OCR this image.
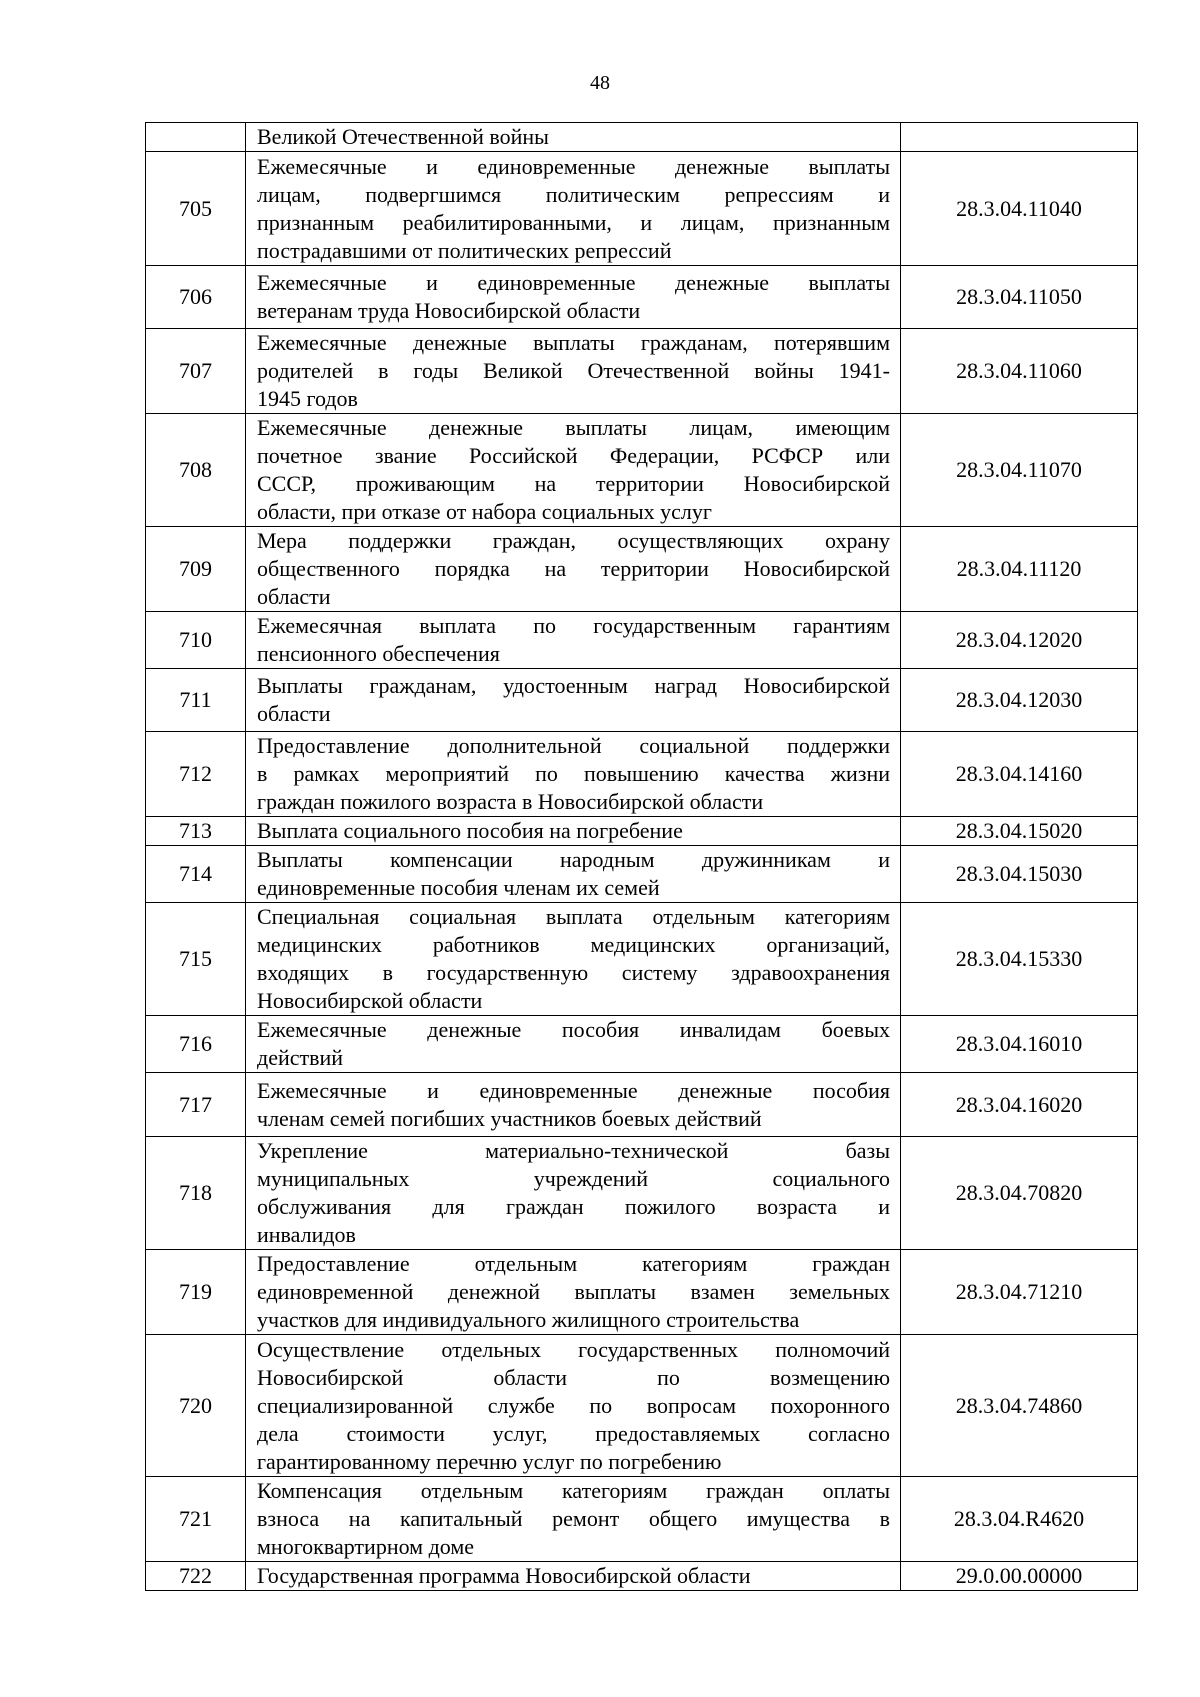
48

	Великой Отечественной войны	

705	Ежемесячные и единовременные денежные выплаты
лицам, подвергшимся политическим репрессиям и
признанным реабилитированными, и лицам, признанным
пострадавшими от политических репрессий	28.3.04.11040
706	Ежемесячные и единовременные денежные выплаты
ветеранам труда Новосибирской области	28.3.04.11050
707	Ежемесячные денежные выплаты гражданам, потерявшим
родителей в годы Великой Отечественной войны 1941-
1945 годов	28.3.04.11060
708	Ежемесячные денежные выплаты лицам, имеющим
почетное звание Российской Федерации, РСФСР или
СССР, проживающим на территории Новосибирской
области, при отказе от набора социальных услуг	28.3.04.11070
709	Мера поддержки граждан, осуществляющих охрану
общественного порядка на территории Новосибирской
области	28.3.04.11120
710	Ежемесячная выплата по государственным гарантиям
пенсионного обеспечения	28.3.04.12020
711	Выплаты гражданам, удостоенным наград Новосибирской
области	28.3.04.12030
712	Предоставление дополнительной социальной поддержки
в рамках мероприятий по повышению качества жизни
граждан пожилого возраста в Новосибирской области	28.3.04.14160
713	Выплата социального пособия на погребение	28.3.04.15020
714	Выплаты компенсации народным дружинникам и
единовременные пособия членам их семей	28.3.04.15030
715	Специальная социальная выплата отдельным категориям
медицинских работников медицинских организаций,
входящих в государственную систему здравоохранения
Новосибирской области	28.3.04.15330
716	Ежемесячные денежные пособия инвалидам боевых
действий	28.3.04.16010
717	Ежемесячные и единовременные денежные пособия
членам семей погибших участников боевых действий	28.3.04.16020
718	Укрепление материально-технической базы
муниципальных учреждений социального
обслуживания для граждан пожилого возраста и
инвалидов	28.3.04.70820
719	Предоставление отдельным категориям граждан
единовременной денежной выплаты взамен земельных
участков для индивидуального жилищного строительства	28.3.04.71210
720	Осуществление отдельных государственных полномочий
Новосибирской области по возмещению
специализированной службе по вопросам похоронного
дела стоимости услуг, предоставляемых согласно
гарантированному перечню услуг по погребению	28.3.04.74860
721	Компенсация отдельным категориям граждан оплаты
взноса на капитальный ремонт общего имущества в
многоквартирном доме	28.3.04.R4620
722	Государственная программа Новосибирской области	29.0.00.00000
